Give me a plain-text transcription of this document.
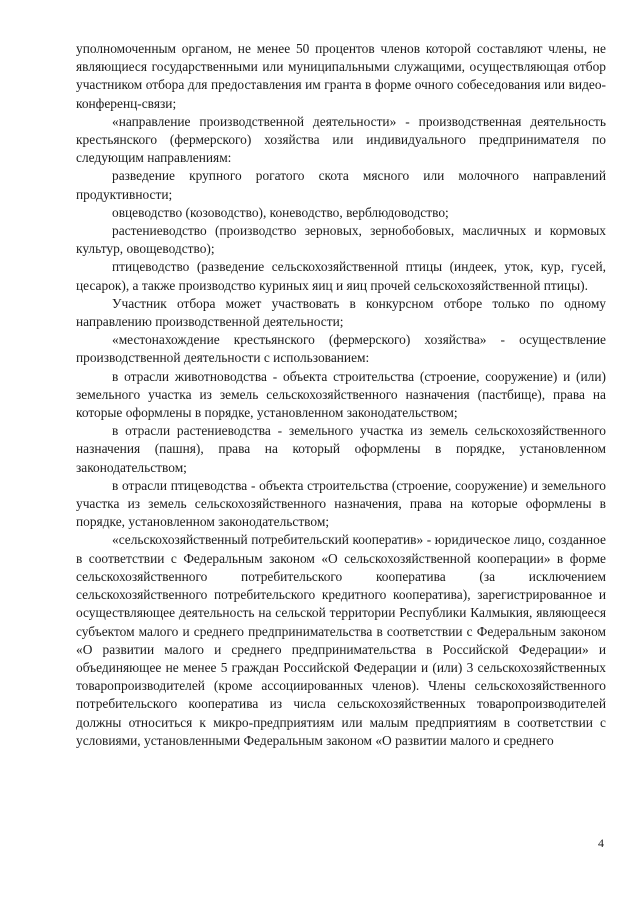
уполномоченным органом, не менее 50 процентов членов которой составляют члены, не являющиеся государственными или муниципальными служащими, осуществляющая отбор участником отбора для предоставления им гранта в форме очного собеседования или видео-конференц-связи;

«направление производственной деятельности» - производственная деятельность крестьянского (фермерского) хозяйства или индивидуального предпринимателя по следующим направлениям:

разведение крупного рогатого скота мясного или молочного направлений продуктивности;

овцеводство (козоводство), коневодство, верблюдоводство;

растениеводство (производство зерновых, зернобобовых, масличных и кормовых культур, овощеводство);

птицеводство (разведение сельскохозяйственной птицы (индеек, уток, кур, гусей, цесарок), а также производство куриных яиц и яиц прочей сельскохозяйственной птицы).

Участник отбора может участвовать в конкурсном отборе только по одному направлению производственной деятельности;

«местонахождение крестьянского (фермерского) хозяйства» - осуществление производственной деятельности с использованием:

в отрасли животноводства - объекта строительства (строение, сооружение) и (или) земельного участка из земель сельскохозяйственного назначения (пастбище), права на которые оформлены в порядке, установленном законодательством;

в отрасли растениеводства - земельного участка из земель сельскохозяйственного назначения (пашня), права на который оформлены в порядке, установленном законодательством;

в отрасли птицеводства - объекта строительства (строение, сооружение) и земельного участка из земель сельскохозяйственного назначения, права на которые оформлены в порядке, установленном законодательством;

«сельскохозяйственный потребительский кооператив» - юридическое лицо, созданное в соответствии с Федеральным законом «О сельскохозяйственной кооперации» в форме сельскохозяйственного потребительского кооператива (за исключением сельскохозяйственного потребительского кредитного кооператива), зарегистрированное и осуществляющее деятельность на сельской территории Республики Калмыкия, являющееся субъектом малого и среднего предпринимательства в соответствии с Федеральным законом «О развитии малого и среднего предпринимательства в Российской Федерации» и объединяющее не менее 5 граждан Российской Федерации и (или) 3 сельскохозяйственных товаропроизводителей (кроме ассоциированных членов). Члены сельскохозяйственного потребительского кооператива из числа сельскохозяйственных товаропроизводителей должны относиться к микро-предприятиям или малым предприятиям в соответствии с условиями, установленными Федеральным законом «О развитии малого и среднего

4
